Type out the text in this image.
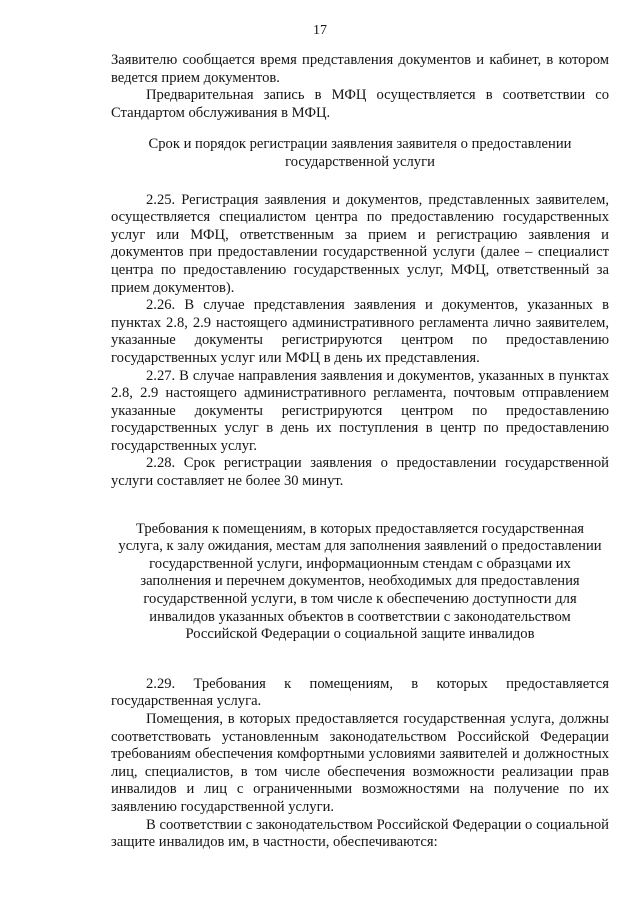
17

Заявителю сообщается время представления документов и кабинет, в котором ведется прием документов.

Предварительная запись в МФЦ осуществляется в соответствии со Стандартом обслуживания в МФЦ.

Срок и порядок регистрации заявления заявителя о предоставлении государственной услуги

2.25. Регистрация заявления и документов, представленных заявителем, осуществляется специалистом центра по предоставлению государственных услуг или МФЦ, ответственным за прием и регистрацию заявления и документов при предоставлении государственной услуги (далее – специалист центра по предоставлению государственных услуг, МФЦ, ответственный за прием документов).

2.26. В случае представления заявления и документов, указанных в пунктах 2.8, 2.9 настоящего административного регламента лично заявителем, указанные документы регистрируются центром по предоставлению государственных услуг или МФЦ в день их представления.

2.27. В случае направления заявления и документов, указанных в пунктах 2.8, 2.9 настоящего административного регламента, почтовым отправлением указанные документы регистрируются центром по предоставлению государственных услуг в день их поступления в центр по предоставлению государственных услуг.

2.28. Срок регистрации заявления о предоставлении государственной услуги составляет не более 30 минут.

Требования к помещениям, в которых предоставляется государственная услуга, к залу ожидания, местам для заполнения заявлений о предоставлении государственной услуги, информационным стендам с образцами их заполнения и перечнем документов, необходимых для предоставления государственной услуги, в том числе к обеспечению доступности для инвалидов указанных объектов в соответствии с законодательством Российской Федерации о социальной защите инвалидов

2.29. Требования к помещениям, в которых предоставляется государственная услуга.

Помещения, в которых предоставляется государственная услуга, должны соответствовать установленным законодательством Российской Федерации требованиям обеспечения комфортными условиями заявителей и должностных лиц, специалистов, в том числе обеспечения возможности реализации прав инвалидов и лиц с ограниченными возможностями на получение по их заявлению государственной услуги.

В соответствии с законодательством Российской Федерации о социальной защите инвалидов им, в частности, обеспечиваются:
